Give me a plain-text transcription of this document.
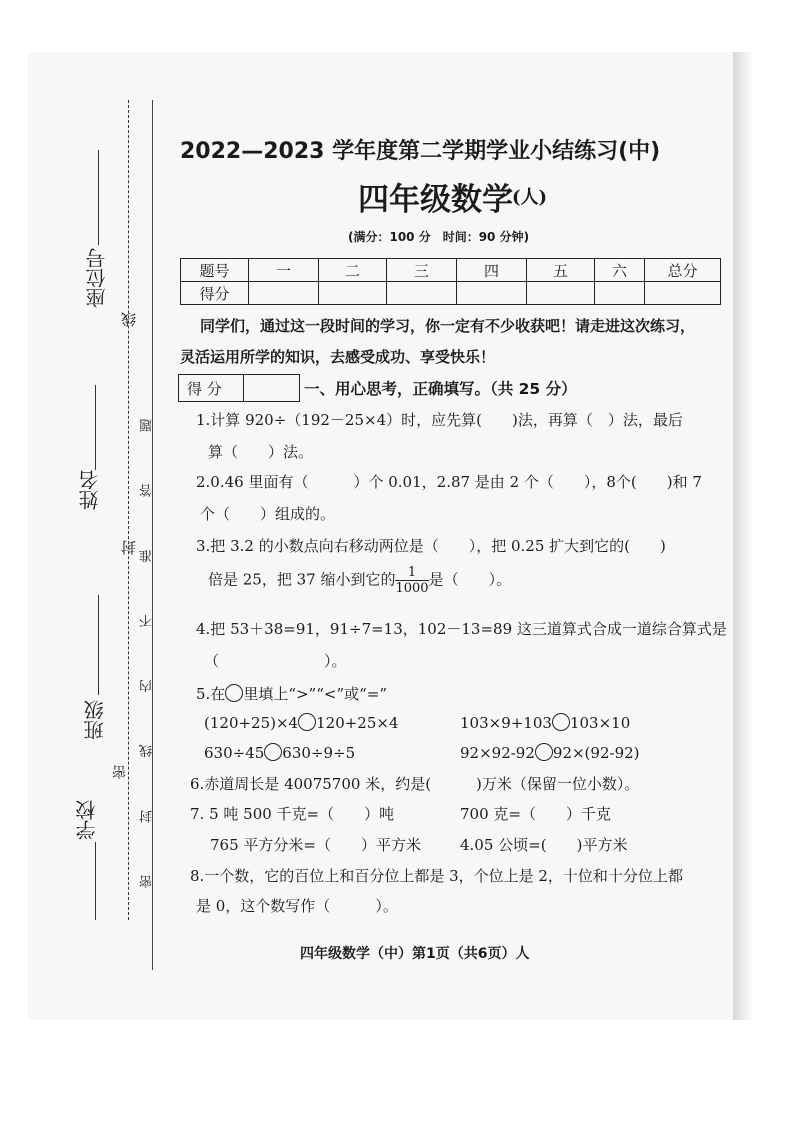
座位号
姓名
班级
学校
线
封
密 密 封 线 内 不 准 答 题
2022—2023 学年度第二学期学业小结练习(中)
四年级数学 (人)
(满分：100 分　时间：90 分钟)
题号	一	二	三	四	五	六	总分
得分							
同学们，通过这一段时间的学习，你一定有不少收获吧！请走进这次练习，
灵活运用所学的知识，去感受成功、享受快乐！
得 分	一、用心思考，正确填写。（共 25 分）
1.计算 920÷（192－25×4）时，应先算(　　)法，再算（　）法，最后
算（　　）法。
2.0.46 里面有（　　　）个 0.01，2.87 是由 2 个（　　），8个(　　)和 7
个（　　）组成的。
3.把 3.2 的小数点向右移动两位是（　　），把 0.25 扩大到它的(　　)
倍是 25，把 37 缩小到它的 $\frac{1}{1000}$ 是（　　）。
4.把 53＋38=91，91÷7=13，102－13=89 这三道算式合成一道综合算式是
（　　　　　　　）。
5.在 里填上“>”“<”或“=”
(120+25)×4 120+25×4	103×9+103 103×10
630÷45 630÷9÷5	92×92-92 92×(92-92)
6.赤道周长是 40075700 米，约是(　　　)万米（保留一位小数）。
7. 5 吨 500 千克=（　　）吨	700 克=（　　）千克
765 平方分米=（　　）平方米	4.05 公顷=(　　)平方米
8.一个数，它的百位上和百分位上都是 3，个位上是 2，十位和十分位上都
是 0，这个数写作（　　　）。
四年级数学（中）第1页（共6页）人
